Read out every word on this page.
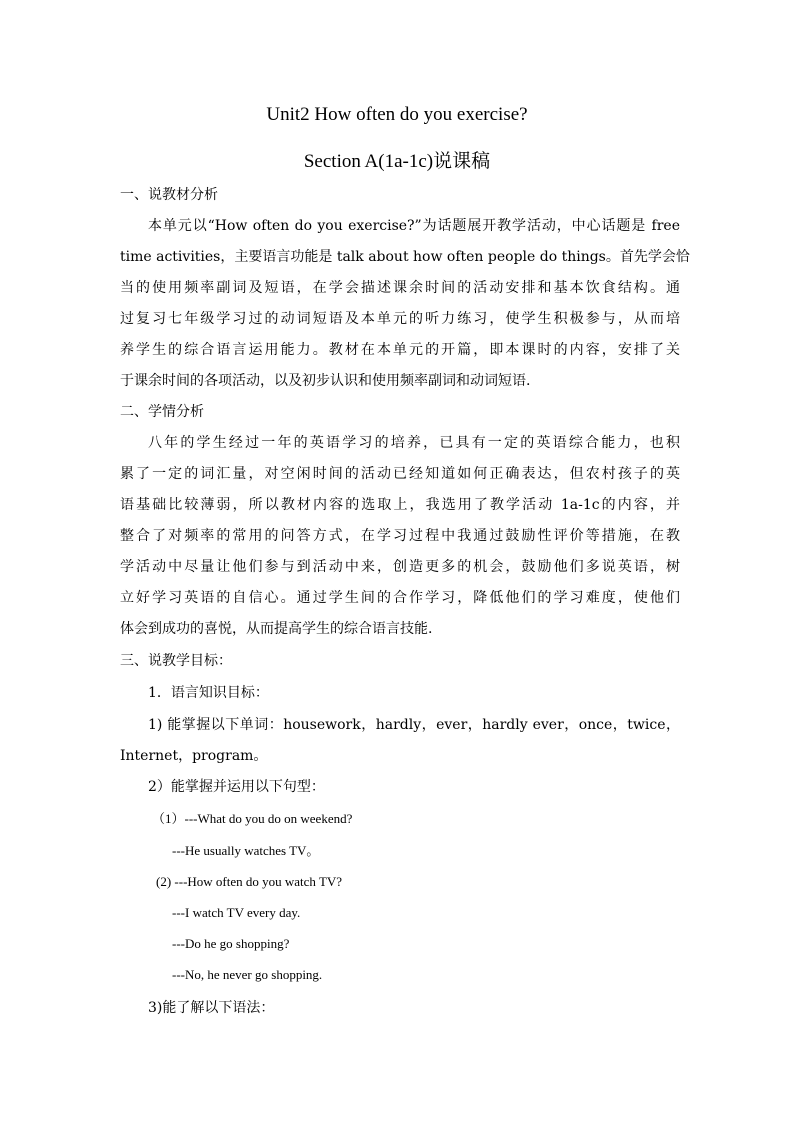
Unit2 How often do you exercise?
Section A(1a-1c)说课稿
一、说教材分析
本单元以“How often do you exercise?”为话题展开教学活动，中心话题是 free
time activities，主要语言功能是 talk about how often people do things。首先学会恰
当的使用频率副词及短语，在学会描述课余时间的活动安排和基本饮食结构。通
过复习七年级学习过的动词短语及本单元的听力练习，使学生积极参与，从而培
养学生的综合语言运用能力。教材在本单元的开篇，即本课时的内容，安排了关
于课余时间的各项活动，以及初步认识和使用频率副词和动词短语.
二、学情分析
八年的学生经过一年的英语学习的培养，已具有一定的英语综合能力，也积
累了一定的词汇量，对空闲时间的活动已经知道如何正确表达，但农村孩子的英
语基础比较薄弱，所以教材内容的选取上，我选用了教学活动 1a-1c的内容，并
整合了对频率的常用的问答方式，在学习过程中我通过鼓励性评价等措施，在教
学活动中尽量让他们参与到活动中来，创造更多的机会，鼓励他们多说英语，树
立好学习英语的自信心。通过学生间的合作学习，降低他们的学习难度，使他们
体会到成功的喜悦，从而提高学生的综合语言技能.
三、说教学目标：
1．语言知识目标：
1) 能掌握以下单词：housework，hardly，ever，hardly ever，once，twice，
Internet，program。
2）能掌握并运用以下句型：
（1）---What do you do on weekend?
---He usually watches TV。
(2) ---How often do you watch TV?
---I watch TV every day.
---Do he go shopping?
---No, he never go shopping.
3)能了解以下语法：
